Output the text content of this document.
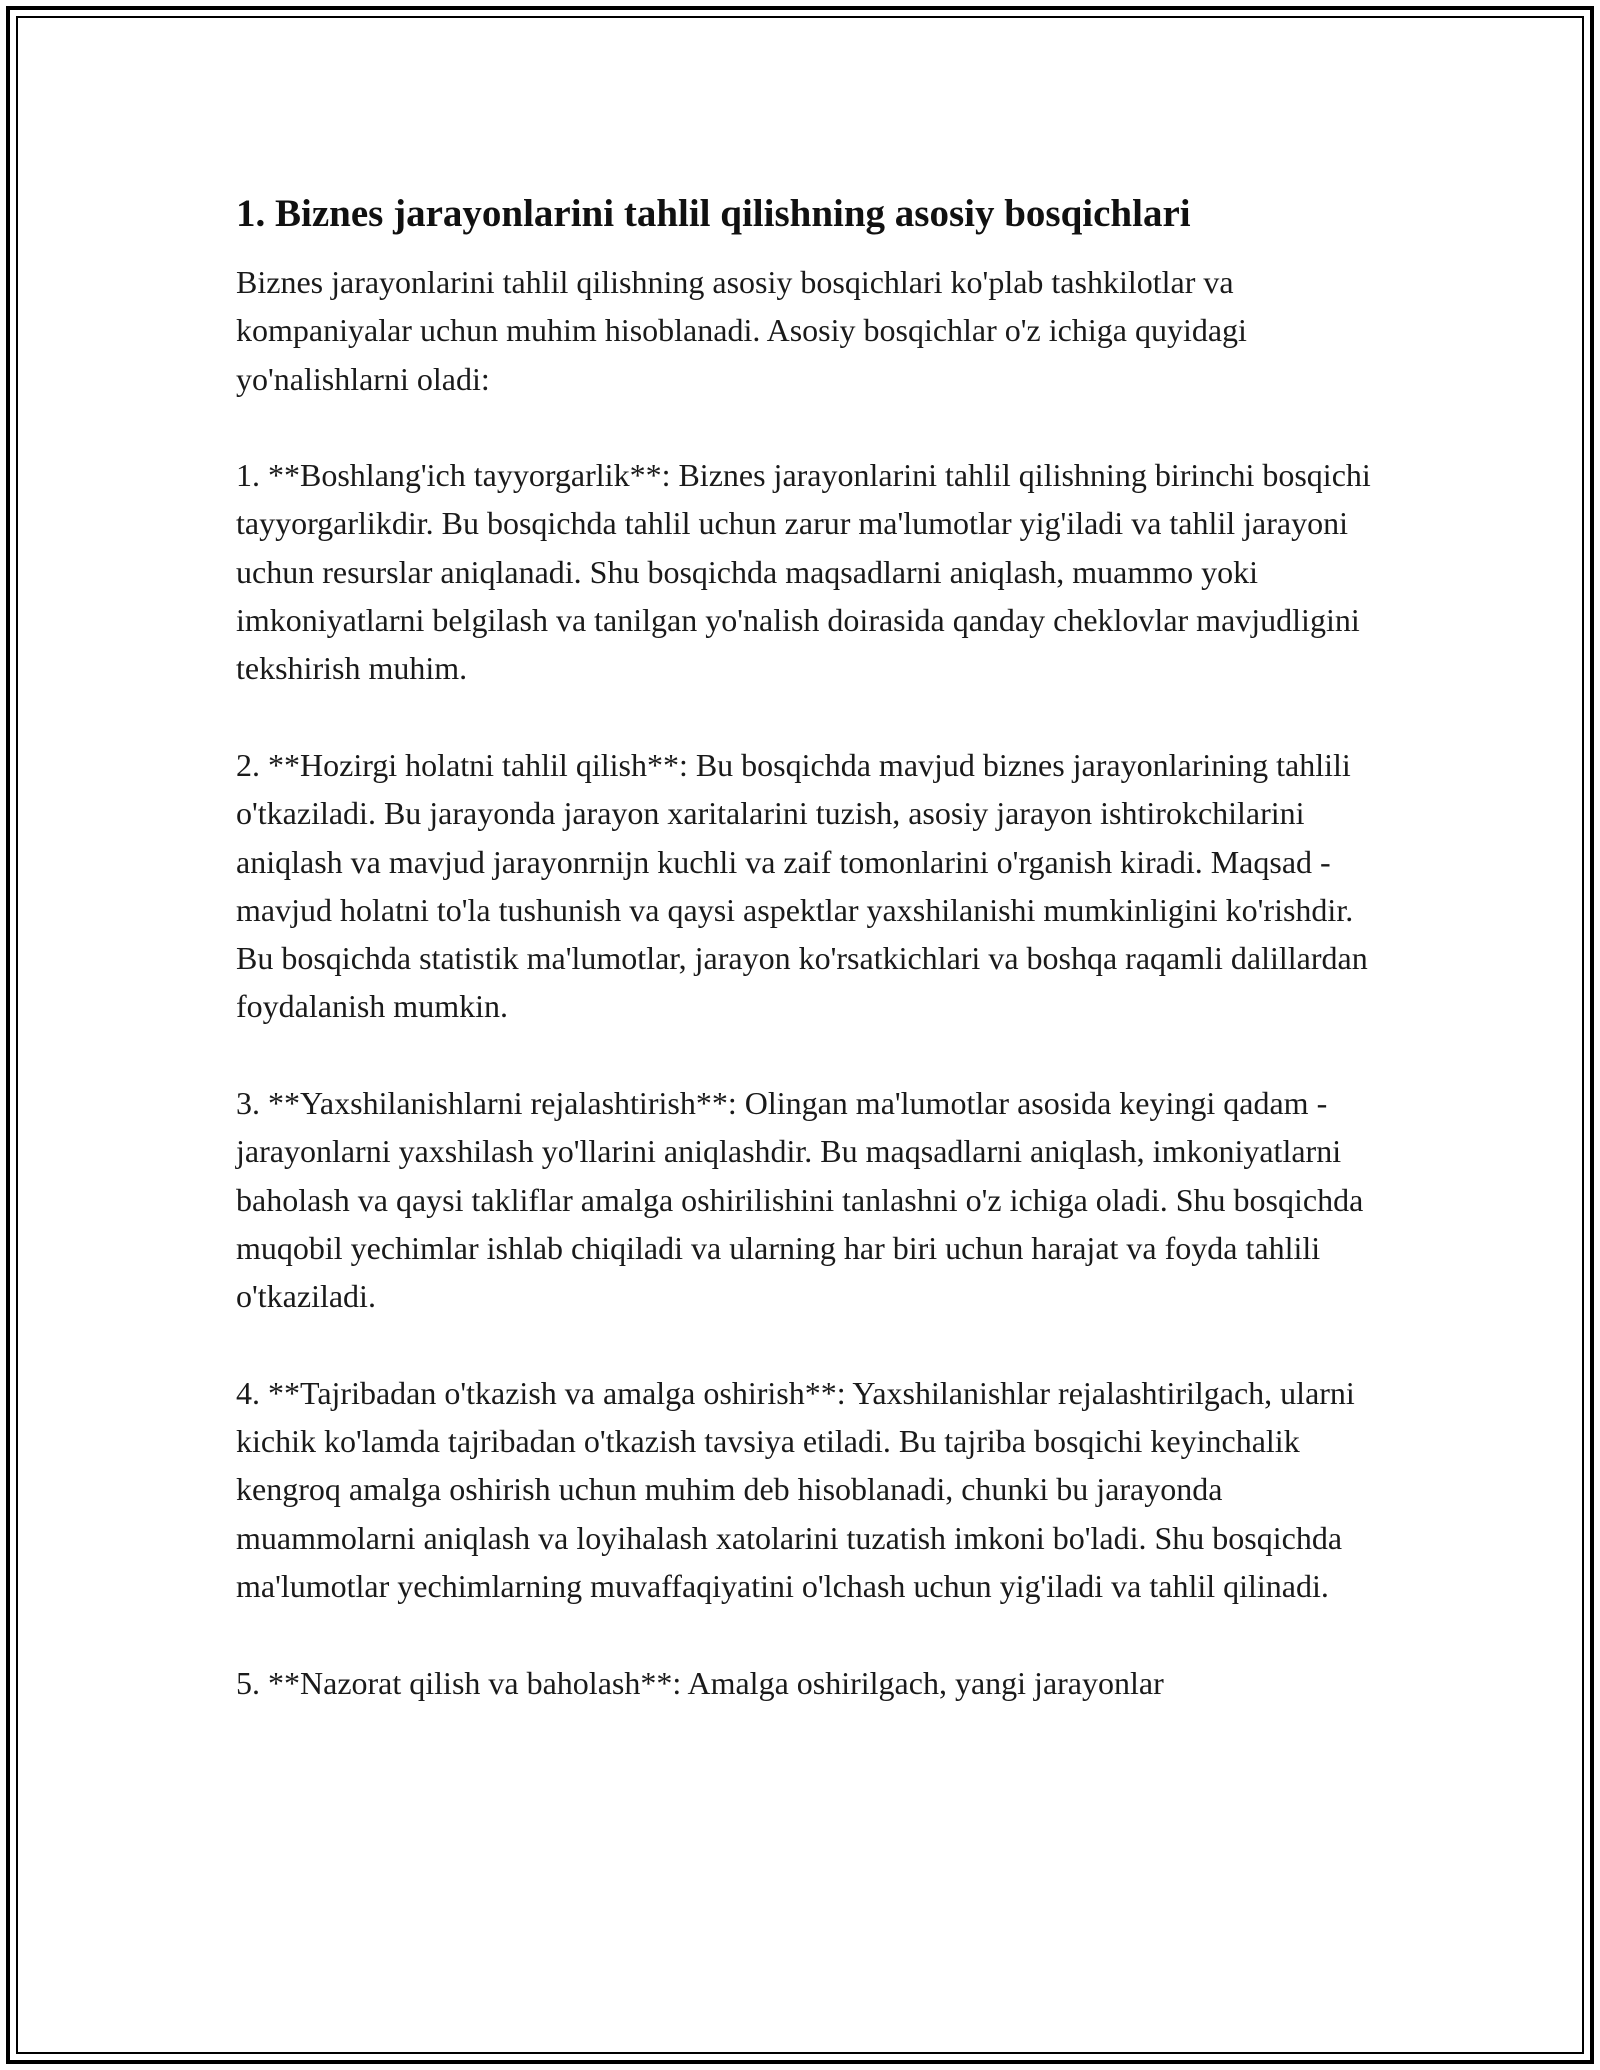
1. Biznes jarayonlarini tahlil qilishning asosiy bosqichlari

Biznes jarayonlarini tahlil qilishning asosiy bosqichlari ko'plab tashkilotlar va kompaniyalar uchun muhim hisoblanadi. Asosiy bosqichlar o'z ichiga quyidagi yo'nalishlarni oladi:

1. **Boshlang'ich tayyorgarlik**: Biznes jarayonlarini tahlil qilishning birinchi bosqichi tayyorgarlikdir. Bu bosqichda tahlil uchun zarur ma'lumotlar yig'iladi va tahlil jarayoni uchun resurslar aniqlanadi. Shu bosqichda maqsadlarni aniqlash, muammo yoki imkoniyatlarni belgilash va tanilgan yo'nalish doirasida qanday cheklovlar mavjudligini tekshirish muhim.

2. **Hozirgi holatni tahlil qilish**: Bu bosqichda mavjud biznes jarayonlarining tahlili o'tkaziladi. Bu jarayonda jarayon xaritalarini tuzish, asosiy jarayon ishtirokchilarini aniqlash va mavjud jarayonrnijn kuchli va zaif tomonlarini o'rganish kiradi. Maqsad - mavjud holatni to'la tushunish va qaysi aspektlar yaxshilanishi mumkinligini ko'rishdir. Bu bosqichda statistik ma'lumotlar, jarayon ko'rsatkichlari va boshqa raqamli dalillardan foydalanish mumkin.

3. **Yaxshilanishlarni rejalashtirish**: Olingan ma'lumotlar asosida keyingi qadam - jarayonlarni yaxshilash yo'llarini aniqlashdir. Bu maqsadlarni aniqlash, imkoniyatlarni baholash va qaysi takliflar amalga oshirilishini tanlashni o'z ichiga oladi. Shu bosqichda muqobil yechimlar ishlab chiqiladi va ularning har biri uchun harajat va foyda tahlili o'tkaziladi.

4. **Tajribadan o'tkazish va amalga oshirish**: Yaxshilanishlar rejalashtirilgach, ularni kichik ko'lamda tajribadan o'tkazish tavsiya etiladi. Bu tajriba bosqichi keyinchalik kengroq amalga oshirish uchun muhim deb hisoblanadi, chunki bu jarayonda muammolarni aniqlash va loyihalash xatolarini tuzatish imkoni bo'ladi. Shu bosqichda ma'lumotlar yechimlarning muvaffaqiyatini o'lchash uchun yig'iladi va tahlil qilinadi.

5. **Nazorat qilish va baholash**: Amalga oshirilgach, yangi jarayonlar
